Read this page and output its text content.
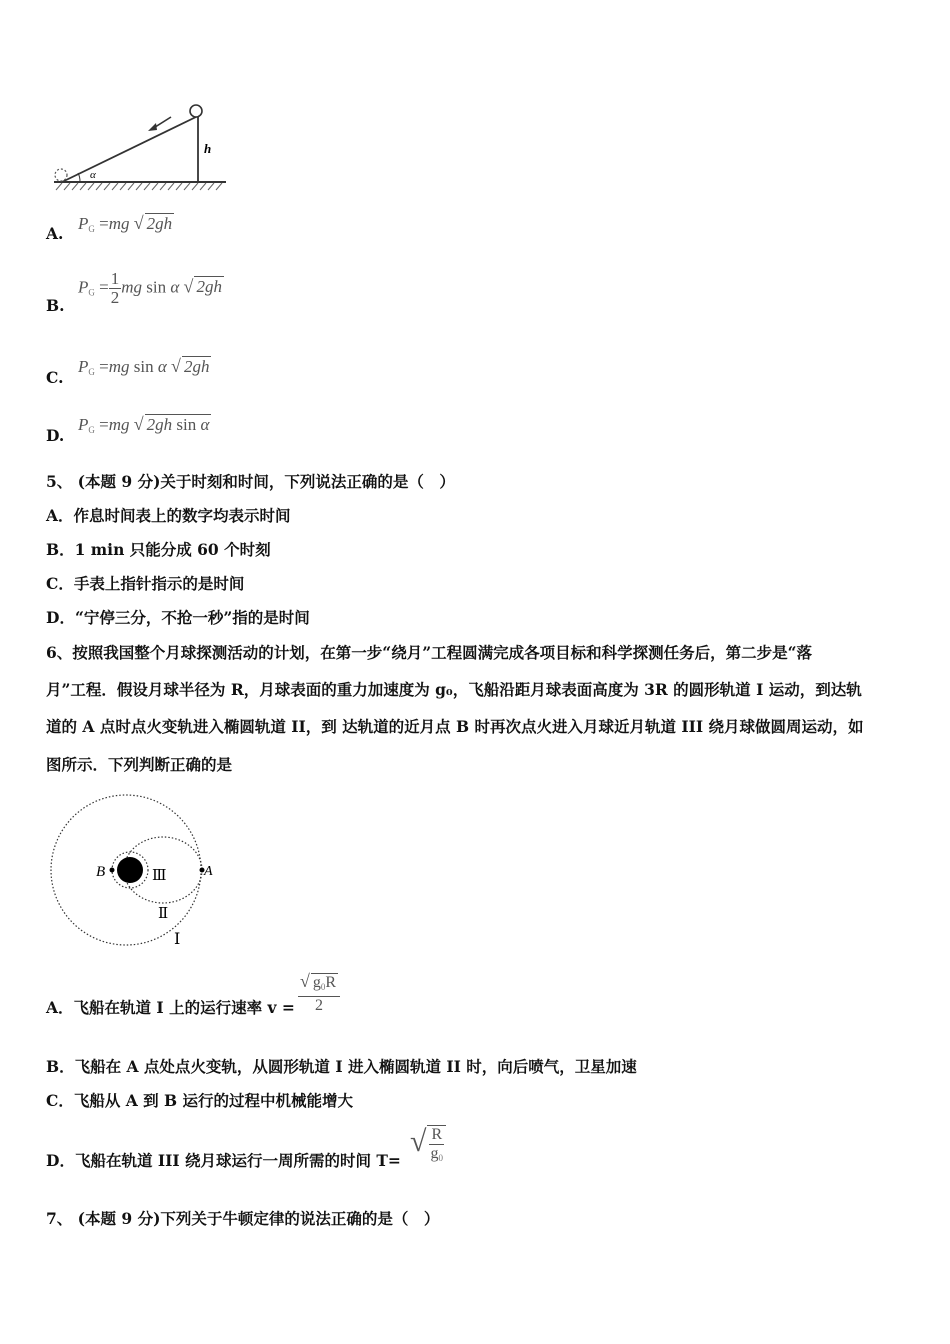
h
α
A.
$P_G =mg$ √ 2gh
B.
$P_G = \frac{1}{2}$ mg sin α √ 2gh
C.
$P_G =mg$ sin α √ 2gh
D.
$P_G =mg$ √ 2gh sin α
5、 (本题 9 分)关于时刻和时间，下列说法正确的是（　）
A．作息时间表上的数字均表示时间
B．1 min 只能分成 60 个时刻
C．手表上指针指示的是时间
D．“宁停三分，不抢一秒”指的是时间
6、按照我国整个月球探测活动的计划，在第一步“绕月”工程圆满完成各项目标和科学探测任务后，第二步是“落
月”工程．假设月球半径为 R，月球表面的重力加速度为 g₀，飞船沿距月球表面高度为 3R 的圆形轨道 I 运动，到达轨
道的 A 点时点火变轨进入椭圆轨道 II，到 达轨道的近月点 B 时再次点火进入月球近月轨道 III 绕月球做圆周运动，如
图所示．下列判断正确的是
B	A
Ⅲ
Ⅱ
Ⅰ
A．飞船在轨道 I 上的运行速率 $v = \frac{√ g_0R}{2}$
B．飞船在 A 点处点火变轨，从圆形轨道 I 进入椭圆轨道 II 时，向后喷气，卫星加速
C．飞船从 A 到 B 运行的过程中机械能增大
D．飞船在轨道 III 绕月球运行一周所需的时间 T=
√ $\frac{R}{g_0}$
7、 (本题 9 分)下列关于牛顿定律的说法正确的是（　）
